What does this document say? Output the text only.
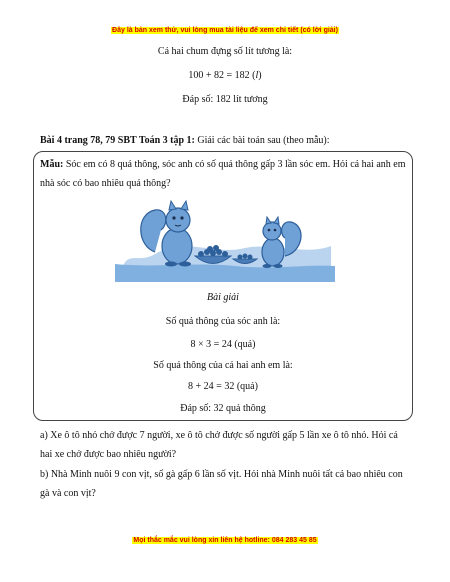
Đây là bản xem thử, vui lòng mua tài liệu để xem chi tiết (có lời giải)
Cả hai chum đựng số lít tương là:
100 + 82 = 182 (l)
Đáp số: 182 lít tương
Bài 4 trang 78, 79 SBT Toán 3 tập 1: Giải các bài toán sau (theo mẫu):
Mẫu: Sóc em có 8 quả thông, sóc anh có số quả thông gấp 3 lần sóc em. Hỏi cả hai anh em nhà sóc có bao nhiêu quả thông?
Bài giải
Số quả thông của sóc anh là:
8 × 3 = 24 (quả)
Số quả thông của cả hai anh em là:
8 + 24 = 32 (quả)
Đáp số: 32 quả thông
a) Xe ô tô nhỏ chở được 7 người, xe ô tô chở được số người gấp 5 lần xe ô tô nhỏ. Hỏi cả hai xe chở được bao nhiêu người?
b) Nhà Minh nuôi 9 con vịt, số gà gấp 6 lần số vịt. Hỏi nhà Minh nuôi tất cả bao nhiêu con gà và con vịt?
Mọi thắc mắc vui lòng xin liên hệ hotline: 084 283 45 85
